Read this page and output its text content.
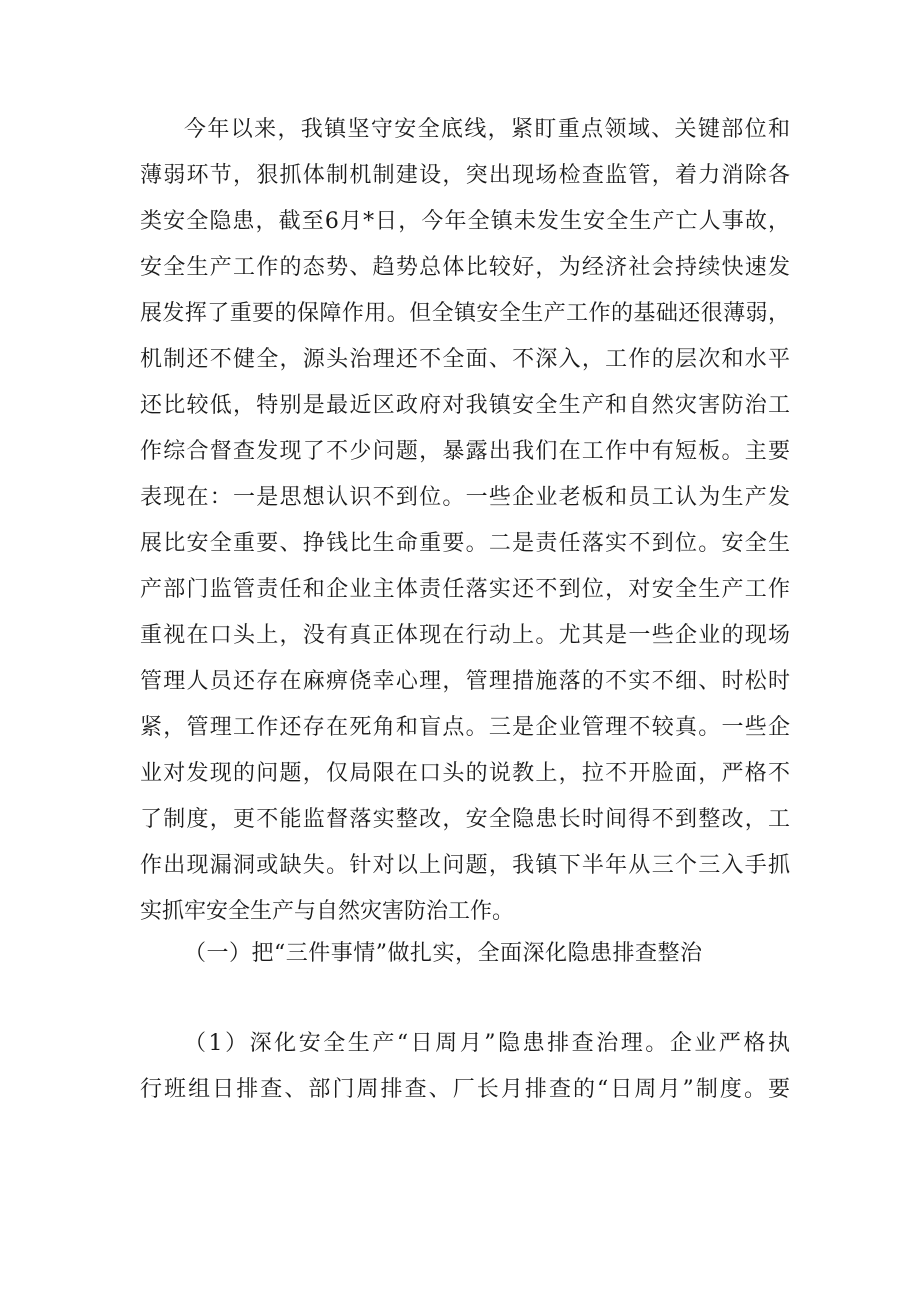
今年以来，我镇坚守安全底线，紧盯重点领域、关键部位和
薄弱环节，狠抓体制机制建设，突出现场检查监管，着力消除各
类安全隐患，截至6月*日，今年全镇未发生安全生产亡人事故，
安全生产工作的态势、趋势总体比较好，为经济社会持续快速发
展发挥了重要的保障作用。但全镇安全生产工作的基础还很薄弱，
机制还不健全，源头治理还不全面、不深入，工作的层次和水平
还比较低，特别是最近区政府对我镇安全生产和自然灾害防治工
作综合督查发现了不少问题，暴露出我们在工作中有短板。主要
表现在：一是思想认识不到位。一些企业老板和员工认为生产发
展比安全重要、挣钱比生命重要。二是责任落实不到位。安全生
产部门监管责任和企业主体责任落实还不到位，对安全生产工作
重视在口头上，没有真正体现在行动上。尤其是一些企业的现场
管理人员还存在麻痹侥幸心理，管理措施落的不实不细、时松时
紧，管理工作还存在死角和盲点。三是企业管理不较真。一些企
业对发现的问题，仅局限在口头的说教上，拉不开脸面，严格不
了制度，更不能监督落实整改，安全隐患长时间得不到整改，工
作出现漏洞或缺失。针对以上问题，我镇下半年从三个三入手抓
实抓牢安全生产与自然灾害防治工作。
（一）把“三件事情”做扎实，全面深化隐患排查整治
（1）深化安全生产“日周月”隐患排查治理。企业严格执
行班组日排查、部门周排查、厂长月排查的“日周月”制度。要
